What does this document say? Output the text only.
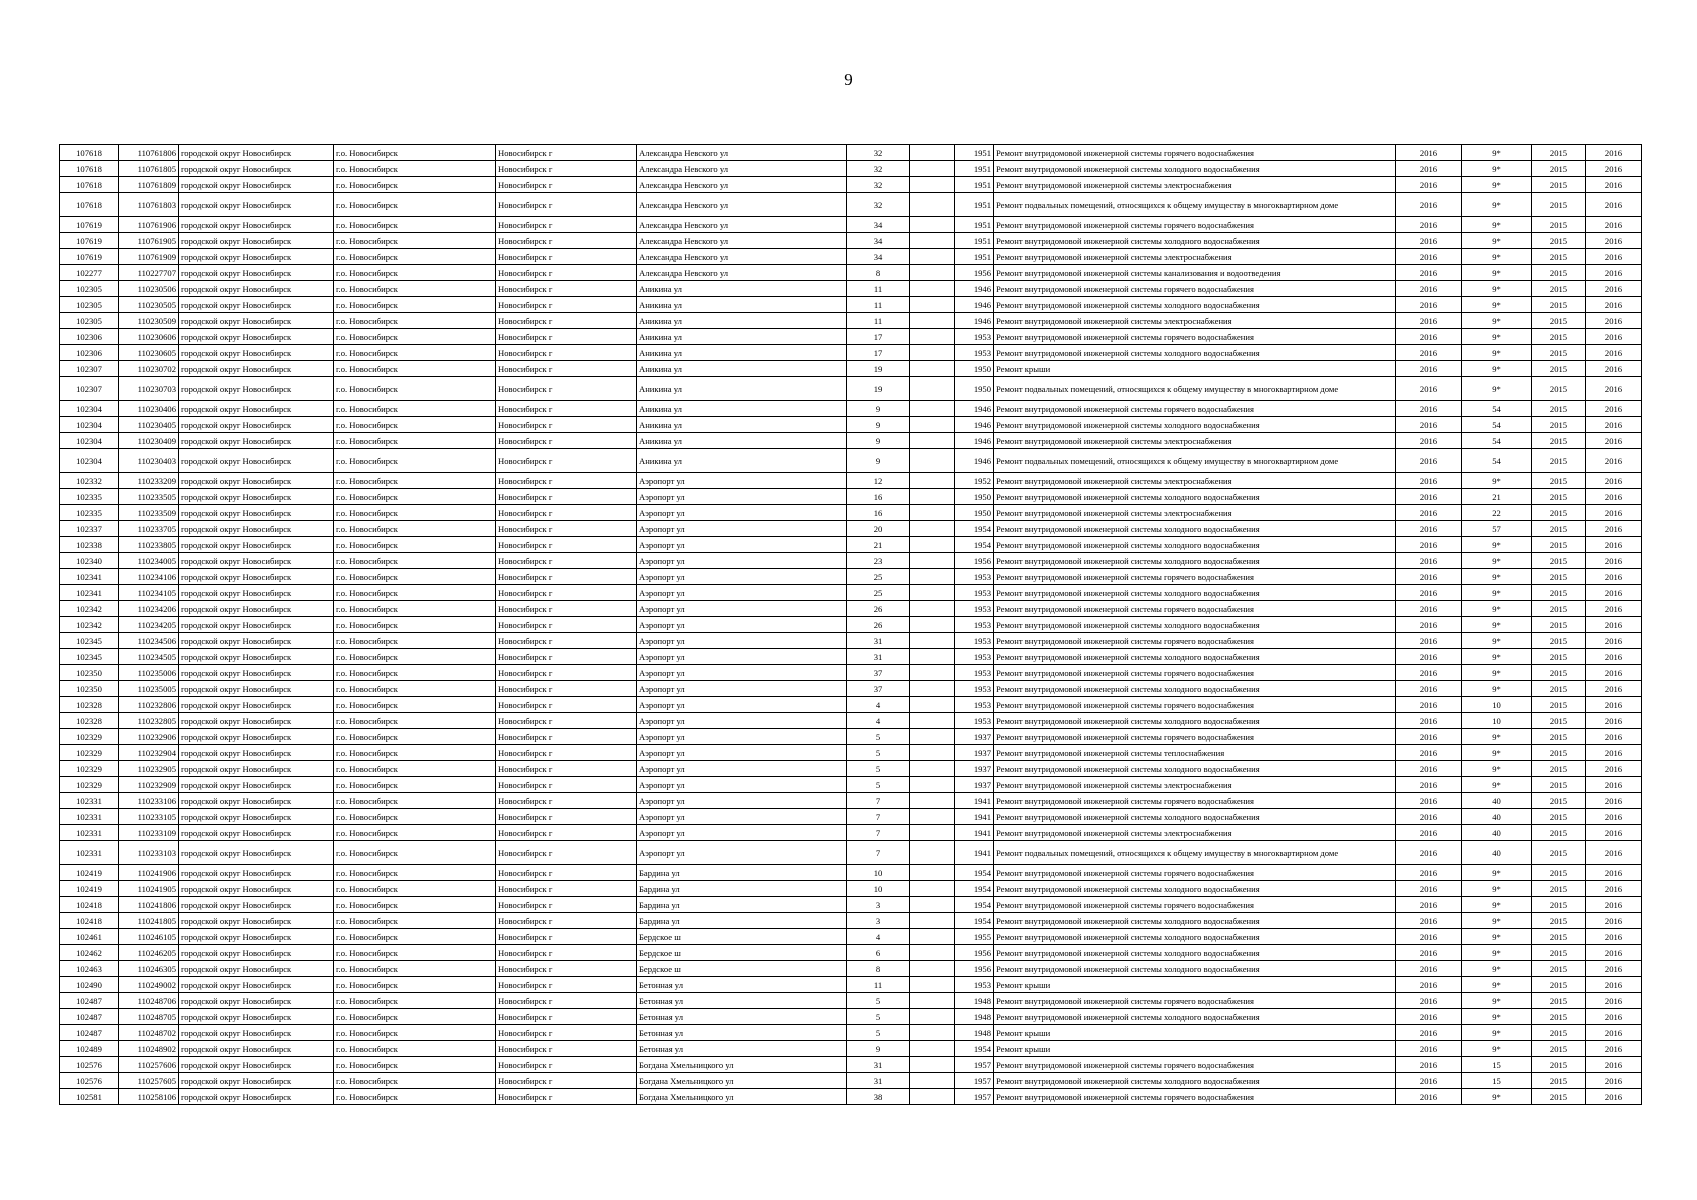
9
107618	110761806	городской округ Новосибирск	г.о. Новосибирск	Новосибирск г	Александра Невского ул	32		1951	Ремонт внутридомовой инженерной системы горячего водоснабжения	2016	9*	2015	2016
107618	110761805	городской округ Новосибирск	г.о. Новосибирск	Новосибирск г	Александра Невского ул	32		1951	Ремонт внутридомовой инженерной системы холодного водоснабжения	2016	9*	2015	2016
107618	110761809	городской округ Новосибирск	г.о. Новосибирск	Новосибирск г	Александра Невского ул	32		1951	Ремонт внутридомовой инженерной системы электроснабжения	2016	9*	2015	2016
107618	110761803	городской округ Новосибирск	г.о. Новосибирск	Новосибирск г	Александра Невского ул	32		1951	Ремонт подвальных помещений, относящихся к общему имуществу в многоквартирном доме	2016	9*	2015	2016
107619	110761906	городской округ Новосибирск	г.о. Новосибирск	Новосибирск г	Александра Невского ул	34		1951	Ремонт внутридомовой инженерной системы горячего водоснабжения	2016	9*	2015	2016
107619	110761905	городской округ Новосибирск	г.о. Новосибирск	Новосибирск г	Александра Невского ул	34		1951	Ремонт внутридомовой инженерной системы холодного водоснабжения	2016	9*	2015	2016
107619	110761909	городской округ Новосибирск	г.о. Новосибирск	Новосибирск г	Александра Невского ул	34		1951	Ремонт внутридомовой инженерной системы электроснабжения	2016	9*	2015	2016
102277	110227707	городской округ Новосибирск	г.о. Новосибирск	Новосибирск г	Александра Невского ул	8		1956	Ремонт внутридомовой инженерной системы канализования и водоотведения	2016	9*	2015	2016
102305	110230506	городской округ Новосибирск	г.о. Новосибирск	Новосибирск г	Аникина ул	11		1946	Ремонт внутридомовой инженерной системы горячего водоснабжения	2016	9*	2015	2016
102305	110230505	городской округ Новосибирск	г.о. Новосибирск	Новосибирск г	Аникина ул	11		1946	Ремонт внутридомовой инженерной системы холодного водоснабжения	2016	9*	2015	2016
102305	110230509	городской округ Новосибирск	г.о. Новосибирск	Новосибирск г	Аникина ул	11		1946	Ремонт внутридомовой инженерной системы электроснабжения	2016	9*	2015	2016
102306	110230606	городской округ Новосибирск	г.о. Новосибирск	Новосибирск г	Аникина ул	17		1953	Ремонт внутридомовой инженерной системы горячего водоснабжения	2016	9*	2015	2016
102306	110230605	городской округ Новосибирск	г.о. Новосибирск	Новосибирск г	Аникина ул	17		1953	Ремонт внутридомовой инженерной системы холодного водоснабжения	2016	9*	2015	2016
102307	110230702	городской округ Новосибирск	г.о. Новосибирск	Новосибирск г	Аникина ул	19		1950	Ремонт крыши	2016	9*	2015	2016
102307	110230703	городской округ Новосибирск	г.о. Новосибирск	Новосибирск г	Аникина ул	19		1950	Ремонт подвальных помещений, относящихся к общему имуществу в многоквартирном доме	2016	9*	2015	2016
102304	110230406	городской округ Новосибирск	г.о. Новосибирск	Новосибирск г	Аникина ул	9		1946	Ремонт внутридомовой инженерной системы горячего водоснабжения	2016	54	2015	2016
102304	110230405	городской округ Новосибирск	г.о. Новосибирск	Новосибирск г	Аникина ул	9		1946	Ремонт внутридомовой инженерной системы холодного водоснабжения	2016	54	2015	2016
102304	110230409	городской округ Новосибирск	г.о. Новосибирск	Новосибирск г	Аникина ул	9		1946	Ремонт внутридомовой инженерной системы электроснабжения	2016	54	2015	2016
102304	110230403	городской округ Новосибирск	г.о. Новосибирск	Новосибирск г	Аникина ул	9		1946	Ремонт подвальных помещений, относящихся к общему имуществу в многоквартирном доме	2016	54	2015	2016
102332	110233209	городской округ Новосибирск	г.о. Новосибирск	Новосибирск г	Аэропорт ул	12		1952	Ремонт внутридомовой инженерной системы электроснабжения	2016	9*	2015	2016
102335	110233505	городской округ Новосибирск	г.о. Новосибирск	Новосибирск г	Аэропорт ул	16		1950	Ремонт внутридомовой инженерной системы холодного водоснабжения	2016	21	2015	2016
102335	110233509	городской округ Новосибирск	г.о. Новосибирск	Новосибирск г	Аэропорт ул	16		1950	Ремонт внутридомовой инженерной системы электроснабжения	2016	22	2015	2016
102337	110233705	городской округ Новосибирск	г.о. Новосибирск	Новосибирск г	Аэропорт ул	20		1954	Ремонт внутридомовой инженерной системы холодного водоснабжения	2016	57	2015	2016
102338	110233805	городской округ Новосибирск	г.о. Новосибирск	Новосибирск г	Аэропорт ул	21		1954	Ремонт внутридомовой инженерной системы холодного водоснабжения	2016	9*	2015	2016
102340	110234005	городской округ Новосибирск	г.о. Новосибирск	Новосибирск г	Аэропорт ул	23		1956	Ремонт внутридомовой инженерной системы холодного водоснабжения	2016	9*	2015	2016
102341	110234106	городской округ Новосибирск	г.о. Новосибирск	Новосибирск г	Аэропорт ул	25		1953	Ремонт внутридомовой инженерной системы горячего водоснабжения	2016	9*	2015	2016
102341	110234105	городской округ Новосибирск	г.о. Новосибирск	Новосибирск г	Аэропорт ул	25		1953	Ремонт внутридомовой инженерной системы холодного водоснабжения	2016	9*	2015	2016
102342	110234206	городской округ Новосибирск	г.о. Новосибирск	Новосибирск г	Аэропорт ул	26		1953	Ремонт внутридомовой инженерной системы горячего водоснабжения	2016	9*	2015	2016
102342	110234205	городской округ Новосибирск	г.о. Новосибирск	Новосибирск г	Аэропорт ул	26		1953	Ремонт внутридомовой инженерной системы холодного водоснабжения	2016	9*	2015	2016
102345	110234506	городской округ Новосибирск	г.о. Новосибирск	Новосибирск г	Аэропорт ул	31		1953	Ремонт внутридомовой инженерной системы горячего водоснабжения	2016	9*	2015	2016
102345	110234505	городской округ Новосибирск	г.о. Новосибирск	Новосибирск г	Аэропорт ул	31		1953	Ремонт внутридомовой инженерной системы холодного водоснабжения	2016	9*	2015	2016
102350	110235006	городской округ Новосибирск	г.о. Новосибирск	Новосибирск г	Аэропорт ул	37		1953	Ремонт внутридомовой инженерной системы горячего водоснабжения	2016	9*	2015	2016
102350	110235005	городской округ Новосибирск	г.о. Новосибирск	Новосибирск г	Аэропорт ул	37		1953	Ремонт внутридомовой инженерной системы холодного водоснабжения	2016	9*	2015	2016
102328	110232806	городской округ Новосибирск	г.о. Новосибирск	Новосибирск г	Аэропорт ул	4		1953	Ремонт внутридомовой инженерной системы горячего водоснабжения	2016	10	2015	2016
102328	110232805	городской округ Новосибирск	г.о. Новосибирск	Новосибирск г	Аэропорт ул	4		1953	Ремонт внутридомовой инженерной системы холодного водоснабжения	2016	10	2015	2016
102329	110232906	городской округ Новосибирск	г.о. Новосибирск	Новосибирск г	Аэропорт ул	5		1937	Ремонт внутридомовой инженерной системы горячего водоснабжения	2016	9*	2015	2016
102329	110232904	городской округ Новосибирск	г.о. Новосибирск	Новосибирск г	Аэропорт ул	5		1937	Ремонт внутридомовой инженерной системы теплоснабжения	2016	9*	2015	2016
102329	110232905	городской округ Новосибирск	г.о. Новосибирск	Новосибирск г	Аэропорт ул	5		1937	Ремонт внутридомовой инженерной системы холодного водоснабжения	2016	9*	2015	2016
102329	110232909	городской округ Новосибирск	г.о. Новосибирск	Новосибирск г	Аэропорт ул	5		1937	Ремонт внутридомовой инженерной системы электроснабжения	2016	9*	2015	2016
102331	110233106	городской округ Новосибирск	г.о. Новосибирск	Новосибирск г	Аэропорт ул	7		1941	Ремонт внутридомовой инженерной системы горячего водоснабжения	2016	40	2015	2016
102331	110233105	городской округ Новосибирск	г.о. Новосибирск	Новосибирск г	Аэропорт ул	7		1941	Ремонт внутридомовой инженерной системы холодного водоснабжения	2016	40	2015	2016
102331	110233109	городской округ Новосибирск	г.о. Новосибирск	Новосибирск г	Аэропорт ул	7		1941	Ремонт внутридомовой инженерной системы электроснабжения	2016	40	2015	2016
102331	110233103	городской округ Новосибирск	г.о. Новосибирск	Новосибирск г	Аэропорт ул	7		1941	Ремонт подвальных помещений, относящихся к общему имуществу в многоквартирном доме	2016	40	2015	2016
102419	110241906	городской округ Новосибирск	г.о. Новосибирск	Новосибирск г	Бардина ул	10		1954	Ремонт внутридомовой инженерной системы горячего водоснабжения	2016	9*	2015	2016
102419	110241905	городской округ Новосибирск	г.о. Новосибирск	Новосибирск г	Бардина ул	10		1954	Ремонт внутридомовой инженерной системы холодного водоснабжения	2016	9*	2015	2016
102418	110241806	городской округ Новосибирск	г.о. Новосибирск	Новосибирск г	Бардина ул	3		1954	Ремонт внутридомовой инженерной системы горячего водоснабжения	2016	9*	2015	2016
102418	110241805	городской округ Новосибирск	г.о. Новосибирск	Новосибирск г	Бардина ул	3		1954	Ремонт внутридомовой инженерной системы холодного водоснабжения	2016	9*	2015	2016
102461	110246105	городской округ Новосибирск	г.о. Новосибирск	Новосибирск г	Бердское ш	4		1955	Ремонт внутридомовой инженерной системы холодного водоснабжения	2016	9*	2015	2016
102462	110246205	городской округ Новосибирск	г.о. Новосибирск	Новосибирск г	Бердское ш	6		1956	Ремонт внутридомовой инженерной системы холодного водоснабжения	2016	9*	2015	2016
102463	110246305	городской округ Новосибирск	г.о. Новосибирск	Новосибирск г	Бердское ш	8		1956	Ремонт внутридомовой инженерной системы холодного водоснабжения	2016	9*	2015	2016
102490	110249002	городской округ Новосибирск	г.о. Новосибирск	Новосибирск г	Бетонная ул	11		1953	Ремонт крыши	2016	9*	2015	2016
102487	110248706	городской округ Новосибирск	г.о. Новосибирск	Новосибирск г	Бетонная ул	5		1948	Ремонт внутридомовой инженерной системы горячего водоснабжения	2016	9*	2015	2016
102487	110248705	городской округ Новосибирск	г.о. Новосибирск	Новосибирск г	Бетонная ул	5		1948	Ремонт внутридомовой инженерной системы холодного водоснабжения	2016	9*	2015	2016
102487	110248702	городской округ Новосибирск	г.о. Новосибирск	Новосибирск г	Бетонная ул	5		1948	Ремонт крыши	2016	9*	2015	2016
102489	110248902	городской округ Новосибирск	г.о. Новосибирск	Новосибирск г	Бетонная ул	9		1954	Ремонт крыши	2016	9*	2015	2016
102576	110257606	городской округ Новосибирск	г.о. Новосибирск	Новосибирск г	Богдана Хмельницкого ул	31		1957	Ремонт внутридомовой инженерной системы горячего водоснабжения	2016	15	2015	2016
102576	110257605	городской округ Новосибирск	г.о. Новосибирск	Новосибирск г	Богдана Хмельницкого ул	31		1957	Ремонт внутридомовой инженерной системы холодного водоснабжения	2016	15	2015	2016
102581	110258106	городской округ Новосибирск	г.о. Новосибирск	Новосибирск г	Богдана Хмельницкого ул	38		1957	Ремонт внутридомовой инженерной системы горячего водоснабжения	2016	9*	2015	2016
